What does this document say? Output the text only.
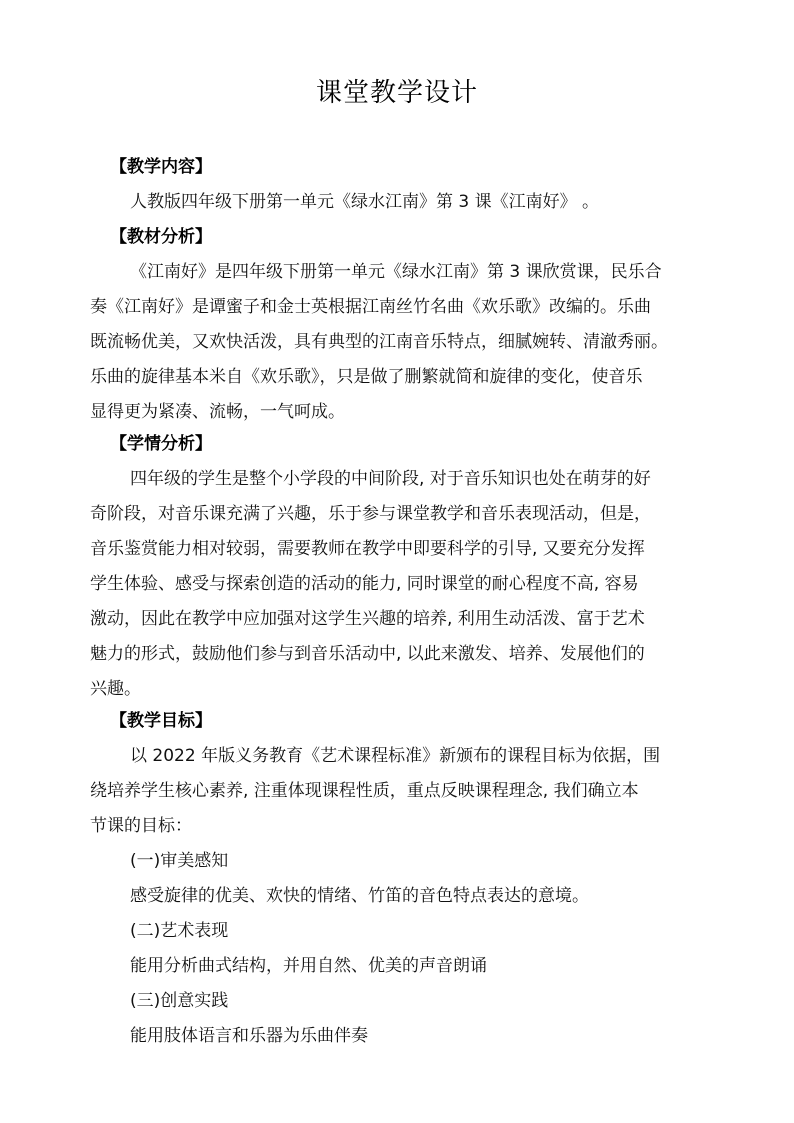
课堂教学设计
【教学内容】
人教版四年级下册第一单元《绿水江南》第 3 课《江南好》 。
【教材分析】
《江南好》是四年级下册第一单元《绿水江南》第 3 课欣赏课，民乐合
奏《江南好》是谭蜜子和金士英根据江南丝竹名曲《欢乐歌》改编的。乐曲
既流畅优美，又欢快活泼，具有典型的江南音乐特点，细腻婉转、清澈秀丽。
乐曲的旋律基本米自《欢乐歌》，只是做了删繁就简和旋律的变化，使音乐
显得更为紧凑、流畅，一气呵成。
【学情分析】
四年级的学生是整个小学段的中间阶段, 对于音乐知识也处在萌芽的好
奇阶段，对音乐课充满了兴趣，乐于参与课堂教学和音乐表现活动，但是，
音乐鉴赏能力相对较弱，需要教师在教学中即要科学的引导, 又要充分发挥
学生体验、感受与探索创造的活动的能力, 同时课堂的耐心程度不高, 容易
激动，因此在教学中应加强对这学生兴趣的培养, 利用生动活泼、富于艺术
魅力的形式，鼓励他们参与到音乐活动中, 以此来激发、培养、发展他们的
兴趣。
【教学目标】
以 2022 年版义务教育《艺术课程标准》新颁布的课程目标为依据，围
绕培养学生核心素养, 注重体现课程性质，重点反映课程理念, 我们确立本
节课的目标：
(一)审美感知
感受旋律的优美、欢快的情绪、竹笛的音色特点表达的意境。
(二)艺术表现
能用分析曲式结构，并用自然、优美的声音朗诵
(三)创意实践
能用肢体语言和乐器为乐曲伴奏
